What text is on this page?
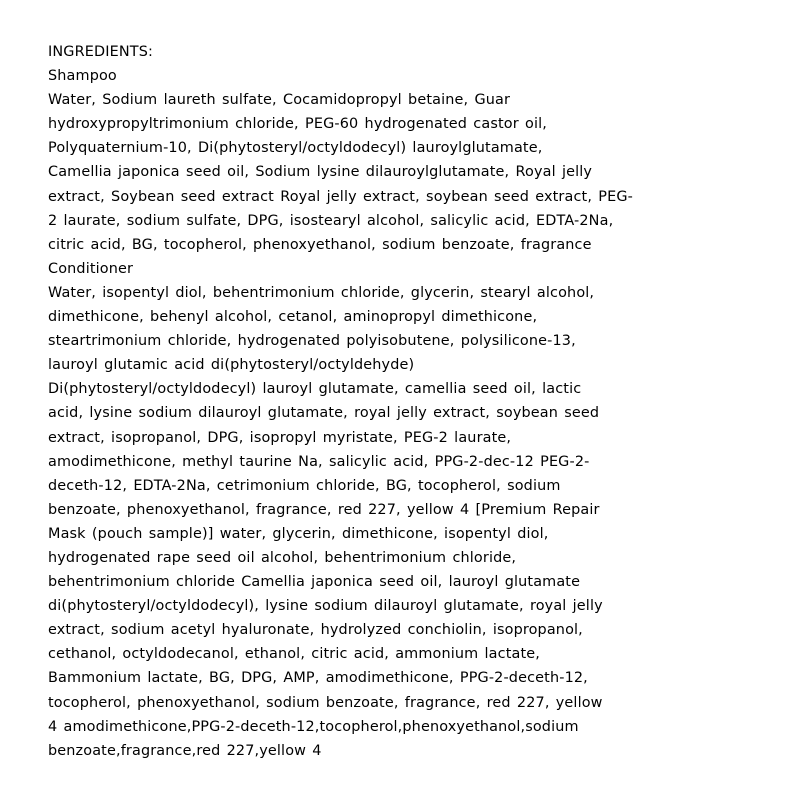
INGREDIENTS:
Shampoo
Water, Sodium laureth sulfate, Cocamidopropyl betaine, Guar
hydroxypropyltrimonium chloride, PEG-60 hydrogenated castor oil,
Polyquaternium-10, Di(phytosteryl/octyldodecyl) lauroylglutamate,
Camellia japonica seed oil, Sodium lysine dilauroylglutamate, Royal jelly
extract, Soybean seed extract Royal jelly extract, soybean seed extract, PEG-
2 laurate, sodium sulfate, DPG, isostearyl alcohol, salicylic acid, EDTA-2Na,
citric acid, BG, tocopherol, phenoxyethanol, sodium benzoate, fragrance
Conditioner
Water, isopentyl diol, behentrimonium chloride, glycerin, stearyl alcohol,
dimethicone, behenyl alcohol, cetanol, aminopropyl dimethicone,
steartrimonium chloride, hydrogenated polyisobutene, polysilicone-13,
lauroyl glutamic acid di(phytosteryl/octyldehyde)
Di(phytosteryl/octyldodecyl) lauroyl glutamate, camellia seed oil, lactic
acid, lysine sodium dilauroyl glutamate, royal jelly extract, soybean seed
extract, isopropanol, DPG, isopropyl myristate, PEG-2 laurate,
amodimethicone, methyl taurine Na, salicylic acid, PPG-2-dec-12 PEG-2-
deceth-12, EDTA-2Na, cetrimonium chloride, BG, tocopherol, sodium
benzoate, phenoxyethanol, fragrance, red 227, yellow 4 [Premium Repair
Mask (pouch sample)] water, glycerin, dimethicone, isopentyl diol,
hydrogenated rape seed oil alcohol, behentrimonium chloride,
behentrimonium chloride Camellia japonica seed oil, lauroyl glutamate
di(phytosteryl/octyldodecyl), lysine sodium dilauroyl glutamate, royal jelly
extract, sodium acetyl hyaluronate, hydrolyzed conchiolin, isopropanol,
cethanol, octyldodecanol, ethanol, citric acid, ammonium lactate,
Bammonium lactate, BG, DPG, AMP, amodimethicone, PPG-2-deceth-12,
tocopherol, phenoxyethanol, sodium benzoate, fragrance, red 227, yellow
4 amodimethicone,PPG-2-deceth-12,tocopherol,phenoxyethanol,sodium
benzoate,fragrance,red 227,yellow 4
